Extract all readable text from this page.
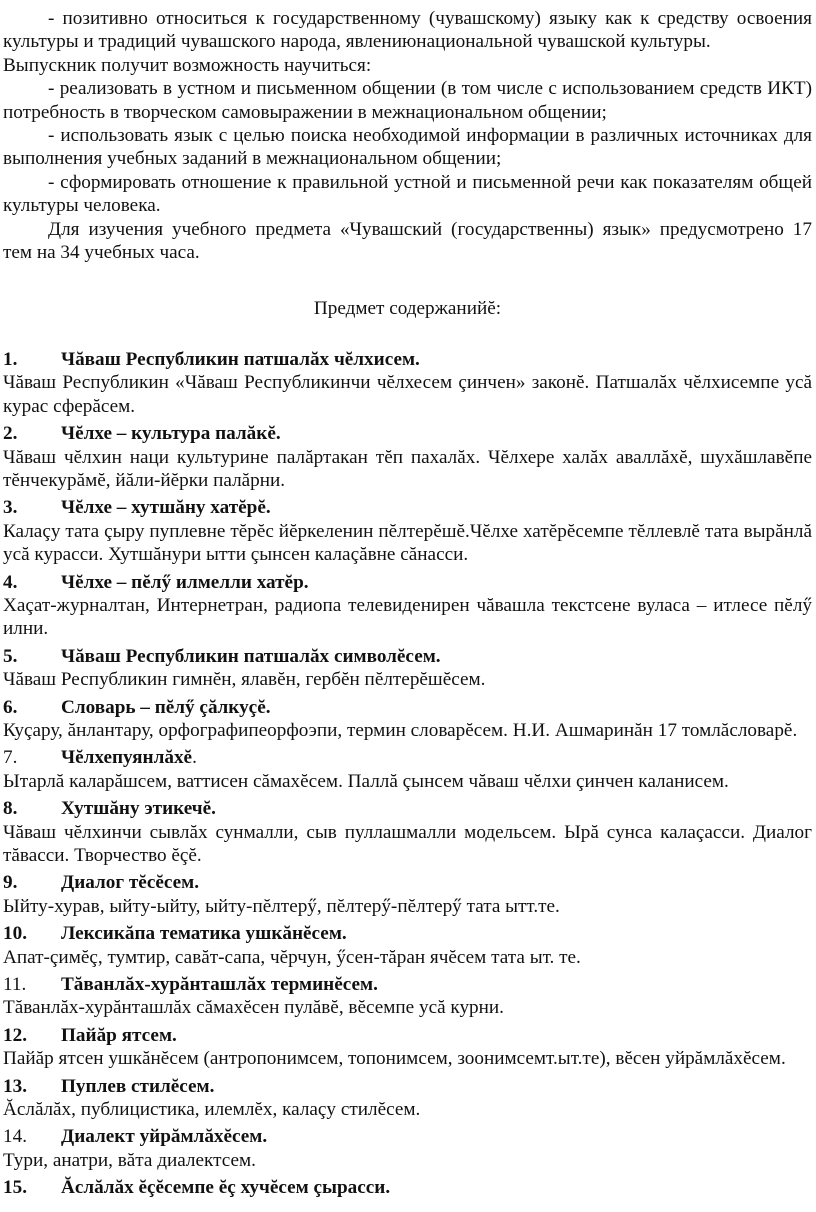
- позитивно относиться к государственному (чувашскому) языку как к средству освоения культуры и традиций чувашского народа, явлениюнациональной чувашской культуры.

Выпускник получит возможность научиться:

- реализовать в устном и письменном общении (в том числе с использованием средств ИКТ) потребность в творческом самовыражении в межнациональном общении;

- использовать язык с целью поиска необходимой информации в различных источниках для выполнения учебных заданий в межнациональном общении;

- сформировать отношение к правильной устной и письменной речи как показателям общей культуры человека.

Для изучения учебного предмета «Чувашский (государственны) язык» предусмотрено 17 тем на 34 учебных часа.

Предмет содержанийĕ:

1.	Чăваш Республикин патшалăх чĕлхисем.

Чăваш Республикин «Чăваш Республикинчи чĕлхесем çинчен» законĕ. Патшалăх чĕлхисемпе усă курас сферăсем.

2.	Чĕлхе – культура палăкĕ.

Чăваш чĕлхин наци культурине палăртакан тĕп пахалăх. Чĕлхере халăх аваллăхĕ, шухăшлавĕпе тĕнчекурăмĕ, йăли-йĕрки палăрни.

3.	Чĕлхе – хутшăну хатĕрĕ.

Калаçу тата çыру пуплевне тĕрĕс йĕркеленин пĕлтерĕшĕ.Чĕлхе хатĕрĕсемпе тĕллевлĕ тата вырăнлă усă курасси. Хутшăнури ытти çынсен калаçăвне сăнасси.

4.	Чĕлхе – пĕлӳ илмелли хатĕр.

Хаçат-журналтан, Интернетран, радиопа телевиденирен чăвашла текстсене вуласа – итлесе пĕлӳ илни.

5.	Чăваш Республикин патшалăх символĕсем.

Чăваш Республикин гимнĕн, ялавĕн, гербĕн пĕлтерĕшĕсем.

6.	Словарь – пĕлӳ çăлкуçĕ.

Куçару, ăнлантару, орфографипеорфоэпи, термин словарĕсем. Н.И. Ашмаринăн 17 томлăсловарĕ.

7.	Чĕлхепуянлăхĕ.

Ытарлă каларăшсем, ваттисен сăмахĕсем. Паллă çынсем чăваш чĕлхи çинчен каланисем.

8.	Хутшăну этикечĕ.

Чăваш чĕлхинчи сывлăх сунмалли, сыв пуллашмалли модельсем. Ырă сунса калаçасси. Диалог тăвасси. Творчество ĕçĕ.

9.	Диалог тĕсĕсем.

Ыйту-хурав, ыйту-ыйту, ыйту-пĕлтерӳ, пĕлтерӳ-пĕлтерӳ тата ытт.те.

10.	Лексикăпа тематика ушкăнĕсем.

Апат-çимĕç, тумтир, савăт-сапа, чĕрчун, ӳсен-тăран ячĕсем тата ыт. те.

11.	Тăванлăх-хурăнташлăх терминĕсем.

Тăванлăх-хурăнташлăх сăмахĕсен пулăвĕ, вĕсемпе усă курни.

12.	Пайăр ятсем.

Пайăр ятсен ушкăнĕсем (антропонимсем, топонимсем, зоонимсемт.ыт.те), вĕсен уйрăмлăхĕсем.

13.	Пуплев стилĕсем.

Ăслăлăх, публицистика, илемлĕх, калаçу стилĕсем.

14.	Диалект уйрăмлăхĕсем.

Тури, анатри, вăта диалектсем.

15.	Ăслăлăх ĕçĕсемпе ĕç хучĕсем çырасси.
